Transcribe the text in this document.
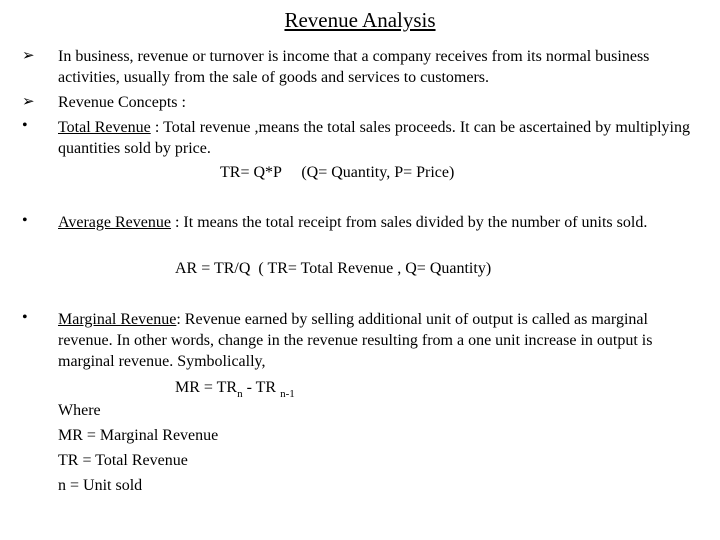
Revenue Analysis
➢	In business, revenue or turnover is income that a company receives from its normal business activities, usually from the sale of goods and services to customers.
➢	Revenue Concepts :
•	Total Revenue : Total revenue ,means the total sales proceeds. It can be ascertained by multiplying quantities sold by price.
TR= Q*P     (Q= Quantity, P= Price)
•	Average Revenue : It means the total receipt from sales divided by the number of units sold.
AR = TR/Q  ( TR= Total Revenue , Q= Quantity)
•	Marginal Revenue: Revenue earned by selling additional unit of output is called as marginal revenue. In other words, change in the revenue resulting from a one unit increase in output is marginal revenue. Symbolically,
MR = $TR_n$ - TR $_{n-1}$
Where
MR = Marginal Revenue
TR = Total Revenue
n = Unit sold
